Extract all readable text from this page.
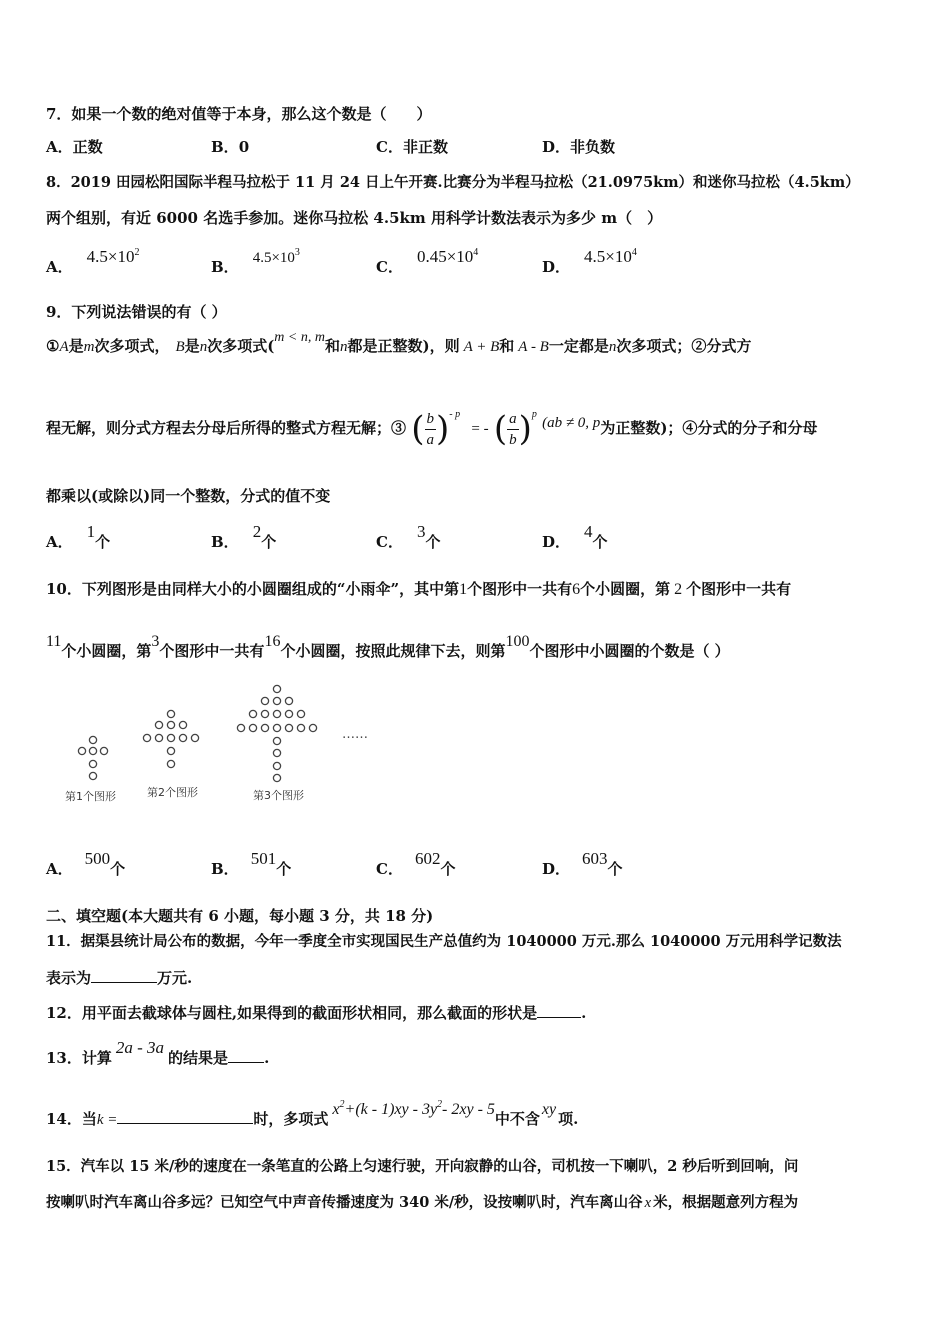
7．如果一个数的绝对值等于本身，那么这个数是（　　）
A．正数	B．0	C．非正数	D．非负数
8．2019 田园松阳国际半程马拉松于 11 月 24 日上午开赛.比赛分为半程马拉松（21.0975km）和迷你马拉松（4.5km）
两个组别，有近 6000 名选手参加。迷你马拉松 4.5km 用科学计数法表示为多少 m（　）
A．$4.5\times 10^2$
B． $4.5\times 10^3$
C．$0.45\times 10^4$
D．$4.5\times 10^4$
9．下列说法错误的有（ ）
①A是m次多项式， B是n次多项式(m < n, m和n都是正整数)，则 A + B和 A - B一定都是n次多项式；②分式方
程无解，则分式方程去分母后所得的整式方程无解；③ ( $\frac{b}{a} )^{- p}$ = - ( $\frac{a}{b} )^p$ (ab ≠ 0, p为正整数)；④分式的分子和分母
都乘以(或除以)同一个整数，分式的值不变
A．1个	B．2个	C．3个	D．4个
10．下列图形是由同样大小的小圆圈组成的“小雨伞”，其中第1个图形中一共有6个小圆圈，第 2 个图形中一共有
11个小圆圈，第3个图形中一共有16个小圆圈，按照此规律下去，则第100个图形中小圆圈的个数是（ ）
……
第1个图形	第2个图形	第3个图形
A．500个	B．501个	C．602个	D．603个
二、填空题(本大题共有 6 小题，每小题 3 分，共 18 分)
11．据渠县统计局公布的数据，今年一季度全市实现国民生产总值约为 1040000 万元.那么 1040000 万元用科学记数法
表示为	万元.
12．用平面去截球体与圆柱,如果得到的截面形状相同，那么截面的形状是	.
13．计算2a - 3a的结果是 .
14．当k =	时，多项式$x^2+(k - 1)xy - 3y^2-$ 2xy - 5中不含xy项.
15．汽车以 15 米/秒的速度在一条笔直的公路上匀速行驶，开向寂静的山谷，司机按一下喇叭，2 秒后听到回响，问
按喇叭时汽车离山谷多远？已知空气中声音传播速度为 340 米/秒，设按喇叭时，汽车离山谷 x 米，根据题意列方程为
